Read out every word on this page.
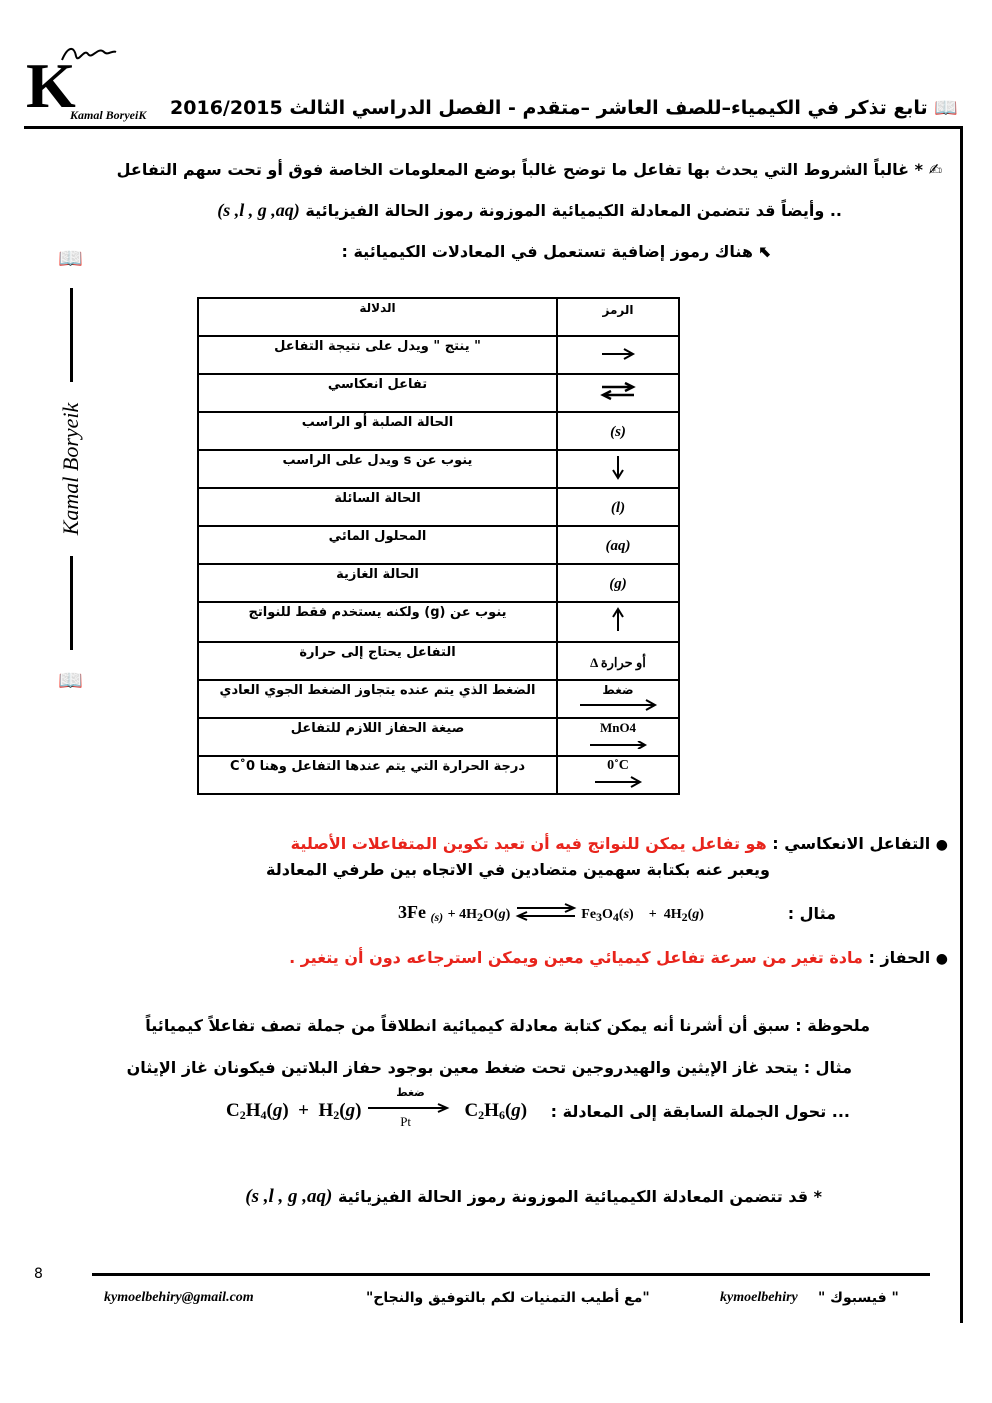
K
Kamal BoryeiK	📖 تابع تذكر في الكيمياء–للصف العاشر –متقدم - الفصل الدراسي الثالث 2016/2015
📖
Kamal Boryeik
📖
✍ * غالباً الشروط التي يحدث بها تفاعل ما توضح غالباً بوضع المعلومات الخاصة فوق أو تحت سهم التفاعل
.. وأيضاً قد تتضمن المعادلة الكيميائية الموزونة رموز الحالة الفيزيائية (s ,l , g ,aq)
⬉ هناك رموز إضافية تستعمل في المعادلات الكيميائية :
الدلالة	الرمز
" ينتج " ويدل على نتيجة التفاعل	
تفاعل انعكاسي	
الحالة الصلبة أو الراسب	(s)
ينوب عن s ويدل على الراسب	
الحالة السائلة	(l)
المحلول المائي	(aq)
الحالة الغازية	(g)
ينوب عن (g) ولكنه يستخدم فقط للنواتج	
التفاعل يحتاج إلى حرارة	Δ أو حرارة
الضغط الذي يتم عنده يتجاوز الضغط الجوي العادي	ضغط

صيغة الحفاز اللازم للتفاعل	MnO4

درجة الحرارة التي يتم عندها التفاعل وهنا 0˚C	0˚C
● التفاعل الانعكاسي : هو تفاعل يمكن للنواتج فيه أن تعيد تكوين المتفاعلات الأصلية
ويعبر عنه بكتابة سهمين متضادين في الاتجاه بين طرفي المعادلة
مثال :
3Fe $_{(s)}$ + 4H2O(g) ⇌ Fe3O4(s)    +  4H2(g)
● الحفاز : مادة تغير من سرعة تفاعل كيميائي معين ويمكن استرجاعه دون أن يتغير .
ملحوظة : سبق أن أشرنا أنه يمكن كتابة معادلة كيميائية انطلاقاً من جملة تصف تفاعلاً كيميائياً
مثال : يتحد غاز الإيثين والهيدروجين تحت ضغط معين بوجود حفاز البلاتين فيكونان غاز الإيثان
... تحول الجملة السابقة إلى المعادلة :
$C_2H_4(g) + H_2(g)$
ضغط
Pt
$C_2H_6(g)$
* قد تتضمن المعادلة الكيميائية الموزونة رموز الحالة الفيزيائية (s ,l , g ,aq)
8
kymoelbehiry@gmail.com	"مع أطيب التمنيات لكم بالتوفيق والنجاح"	kymoelbehiry " فيسبوك "
